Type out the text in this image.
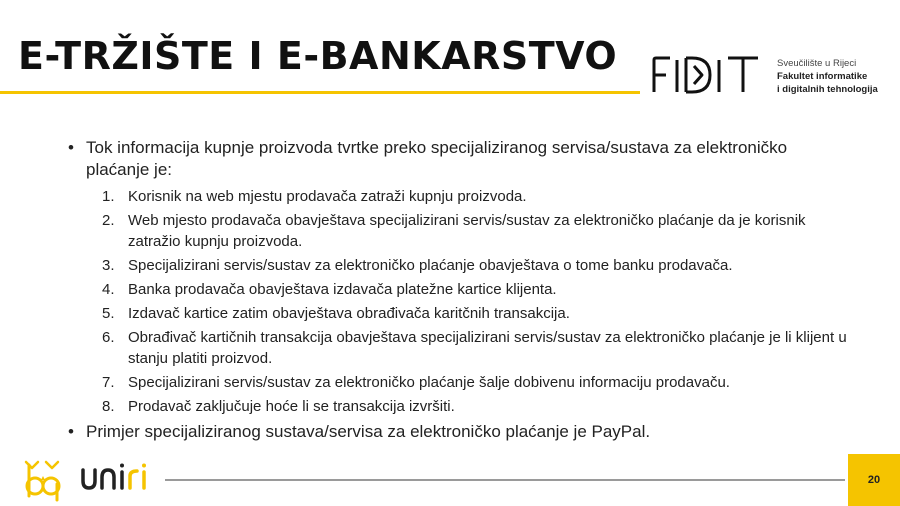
E-TRŽIŠTE I E-BANKARSTVO	Sveučilište u Rijeci
Fakultet informatike
i digitalnih tehnologija
• Tok informacija kupnje proizvoda tvrtke preko specijaliziranog servisa/sustava za elektroničko plaćanje je:
1. Korisnik na web mjestu prodavača zatraži kupnju proizvoda.
2. Web mjesto prodavača obavještava specijalizirani servis/sustav za elektroničko plaćanje da je korisnik zatražio kupnju proizvoda.
3. Specijalizirani servis/sustav za elektroničko plaćanje obavještava o tome banku prodavača.
4. Banka prodavača obavještava izdavača platežne kartice klijenta.
5. Izdavač kartice zatim obavještava obrađivača karitčnih transakcija.
6. Obrađivač kartičnih transakcija obavještava specijalizirani servis/sustav za elektroničko plaćanje je li klijent u stanju platiti proizvod.
7. Specijalizirani servis/sustav za elektroničko plaćanje šalje dobivenu informaciju prodavaču.
8. Prodavač zaključuje hoće li se transakcija izvršiti.
• Primjer specijaliziranog sustava/servisa za elektroničko plaćanje je PayPal.
20
